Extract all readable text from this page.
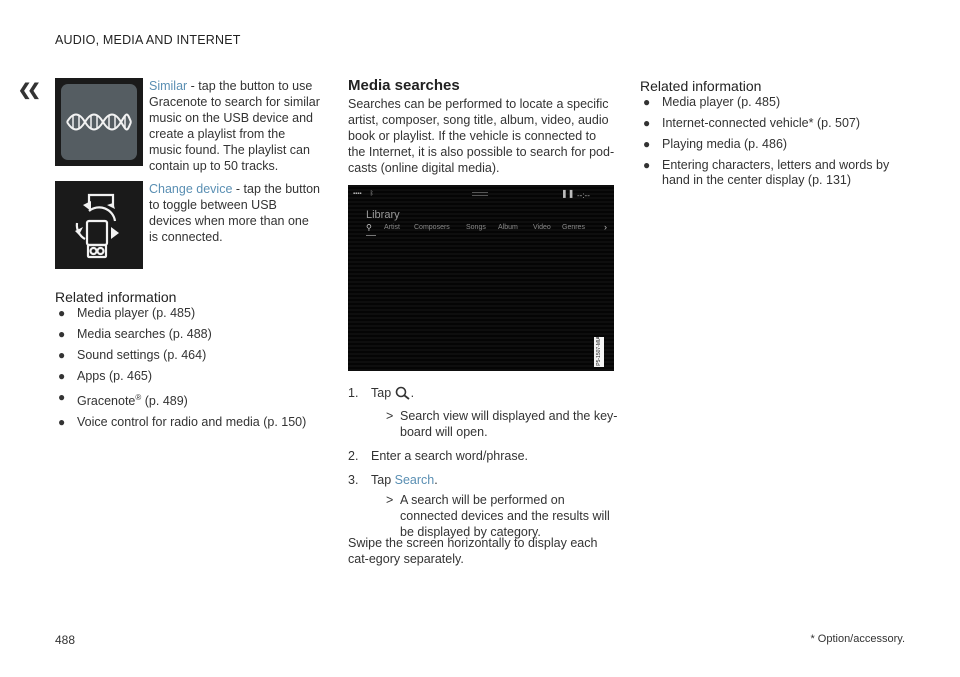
AUDIO, MEDIA AND INTERNET
❮❮	Similar - tap the button to use Gracenote to search for similar music on the USB device and create a playlist from the music found. The playlist can contain up to 50 tracks.
Change device - tap the button to toggle between USB devices when more than one is connected.
Related information
● Media player (p. 485)
● Media searches (p. 488)
● Sound settings (p. 464)
● Apps (p. 465)
● Gracenote® (p. 489)
● Voice control for radio and media (p. 150)
Media searches
Searches can be performed to locate a specific artist, composer, song title, album, video, audio book or playlist. If the vehicle is connected to the Internet, it is also possible to search for pod-casts (online digital media).
▪▪▪▪     ᛒ	❚❚ --:--
Library
⚲ Artist Composers Songs Album Video Genres ›
P5-1507-MIA
1. Tap .
> Search view will displayed and the key-board will open.
2. Enter a search word/phrase.
3. Tap Search.
> A search will be performed on connected devices and the results will be displayed by category.
Swipe the screen horizontally to display each cat-egory separately.
Related information
● Media player (p. 485)
● Internet-connected vehicle* (p. 507)
● Playing media (p. 486)
● Entering characters, letters and words by hand in the center display (p. 131)
488	* Option/accessory.
